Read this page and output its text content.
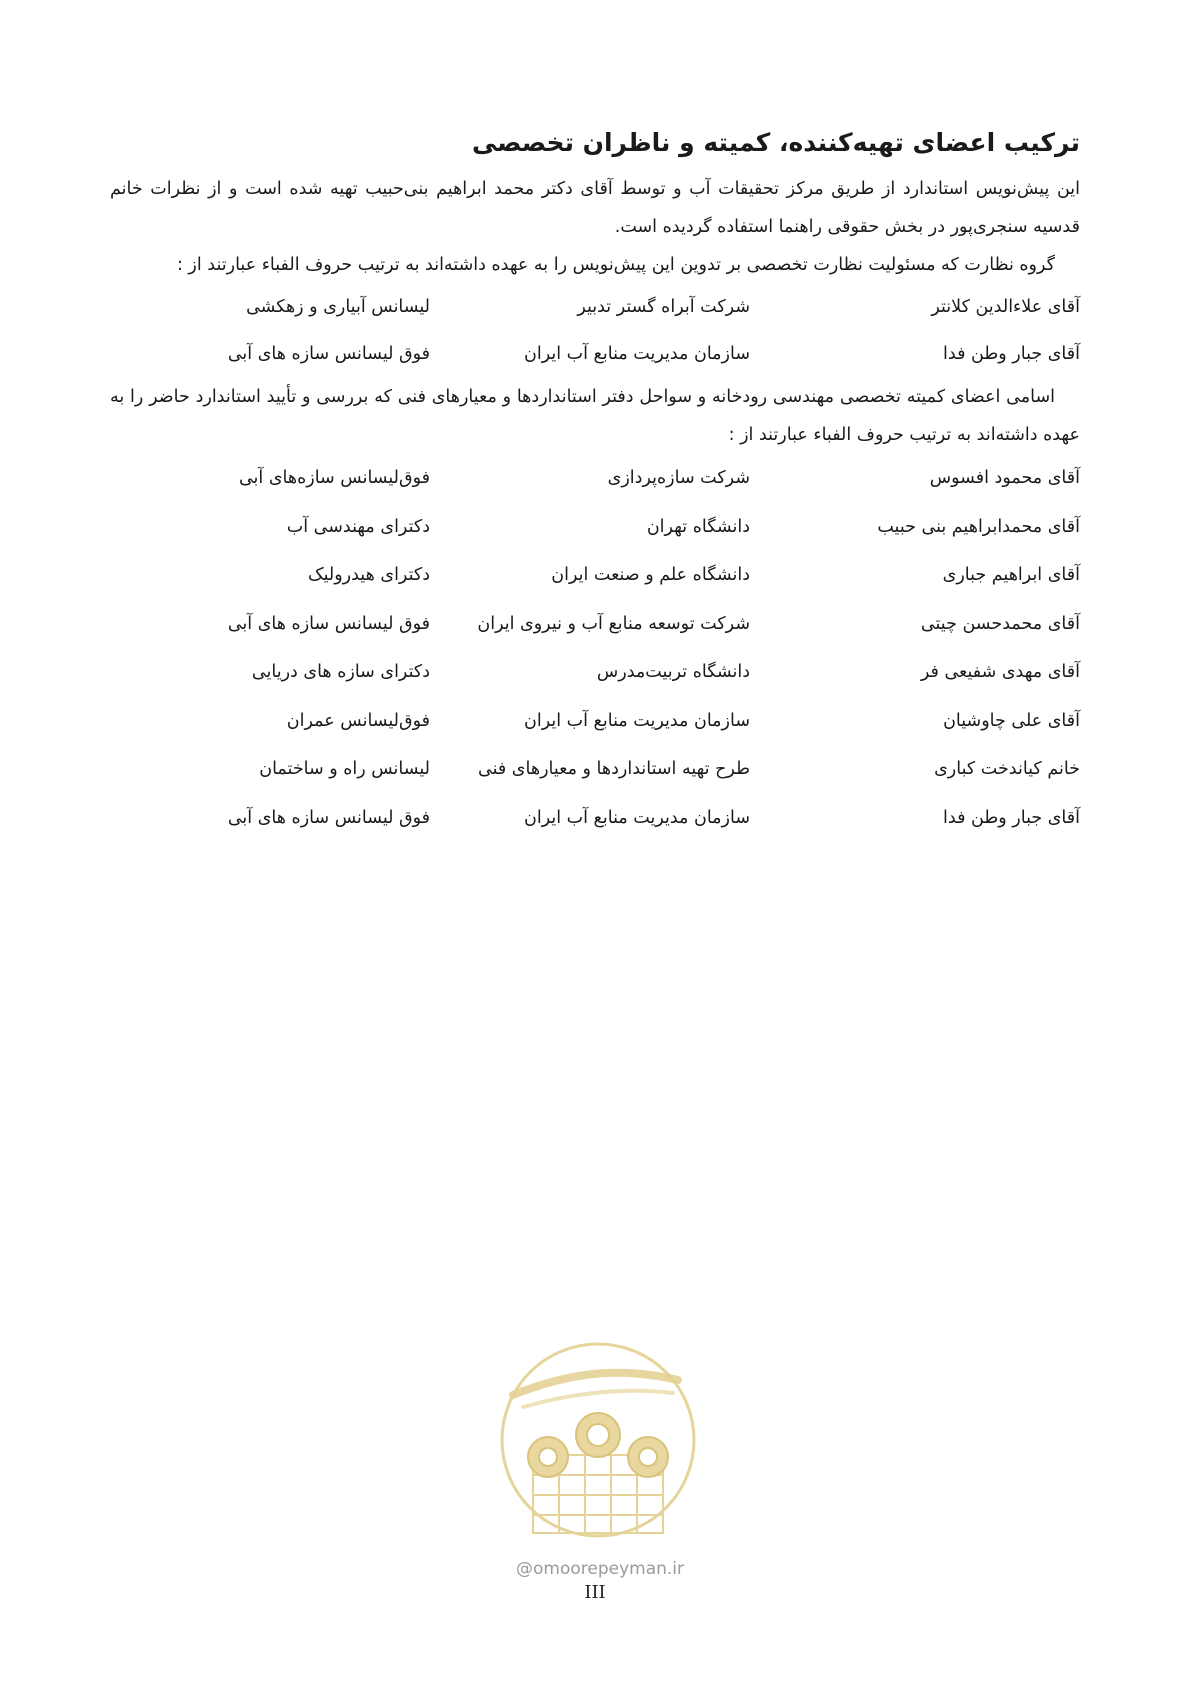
ترکیب اعضای تهیه‌کننده، کمیته و ناظران تخصصی

این پیش‌نویس استاندارد از طریق مرکز تحقیقات آب و توسط آقای دکتر محمد ابراهیم بنی‌حبیب تهیه شده است و از نظرات خانم قدسیه سنجری‌پور در بخش حقوقی راهنما استفاده گردیده است.

گروه نظارت که مسئولیت نظارت تخصصی بر تدوین این پیش‌نویس را به عهده داشته‌اند به ترتیب حروف الفباء عبارتند از :

آقای علاءالدین کلانتر
شرکت آبراه گستر تدبیر
لیسانس آبیاری و زهکشی
آقای جبار وطن فدا
سازمان مدیریت منابع آب ایران
فوق لیسانس سازه های آبی

اسامی اعضای کمیته تخصصی مهندسی رودخانه و سواحل دفتر استانداردها و معیارهای فنی که بررسی و تأیید استاندارد حاضر را به عهده داشته‌اند به ترتیب حروف الفباء عبارتند از :

آقای محمود افسوس
شرکت سازه‌پردازی
فوق‌لیسانس سازه‌های آبی
آقای محمدابراهیم بنی حبیب
دانشگاه تهران
دکترای مهندسی آب
آقای ابراهیم جباری
دانشگاه علم و صنعت ایران
دکترای هیدرولیک
آقای محمدحسن چیتی
شرکت توسعه منابع آب و نیروی ایران
فوق لیسانس سازه های آبی
آقای مهدی شفیعی فر
دانشگاه تربیت‌مدرس
دکترای سازه های دریایی
آقای علی چاوشیان
سازمان مدیریت منابع آب ایران
فوق‌لیسانس عمران
خانم کیاندخت کباری
طرح تهیه استانداردها و معیارهای فنی
لیسانس راه و ساختمان
آقای جبار وطن فدا
سازمان مدیریت منابع آب ایران
فوق لیسانس سازه های آبی
@omoorepeyman.ir
III
